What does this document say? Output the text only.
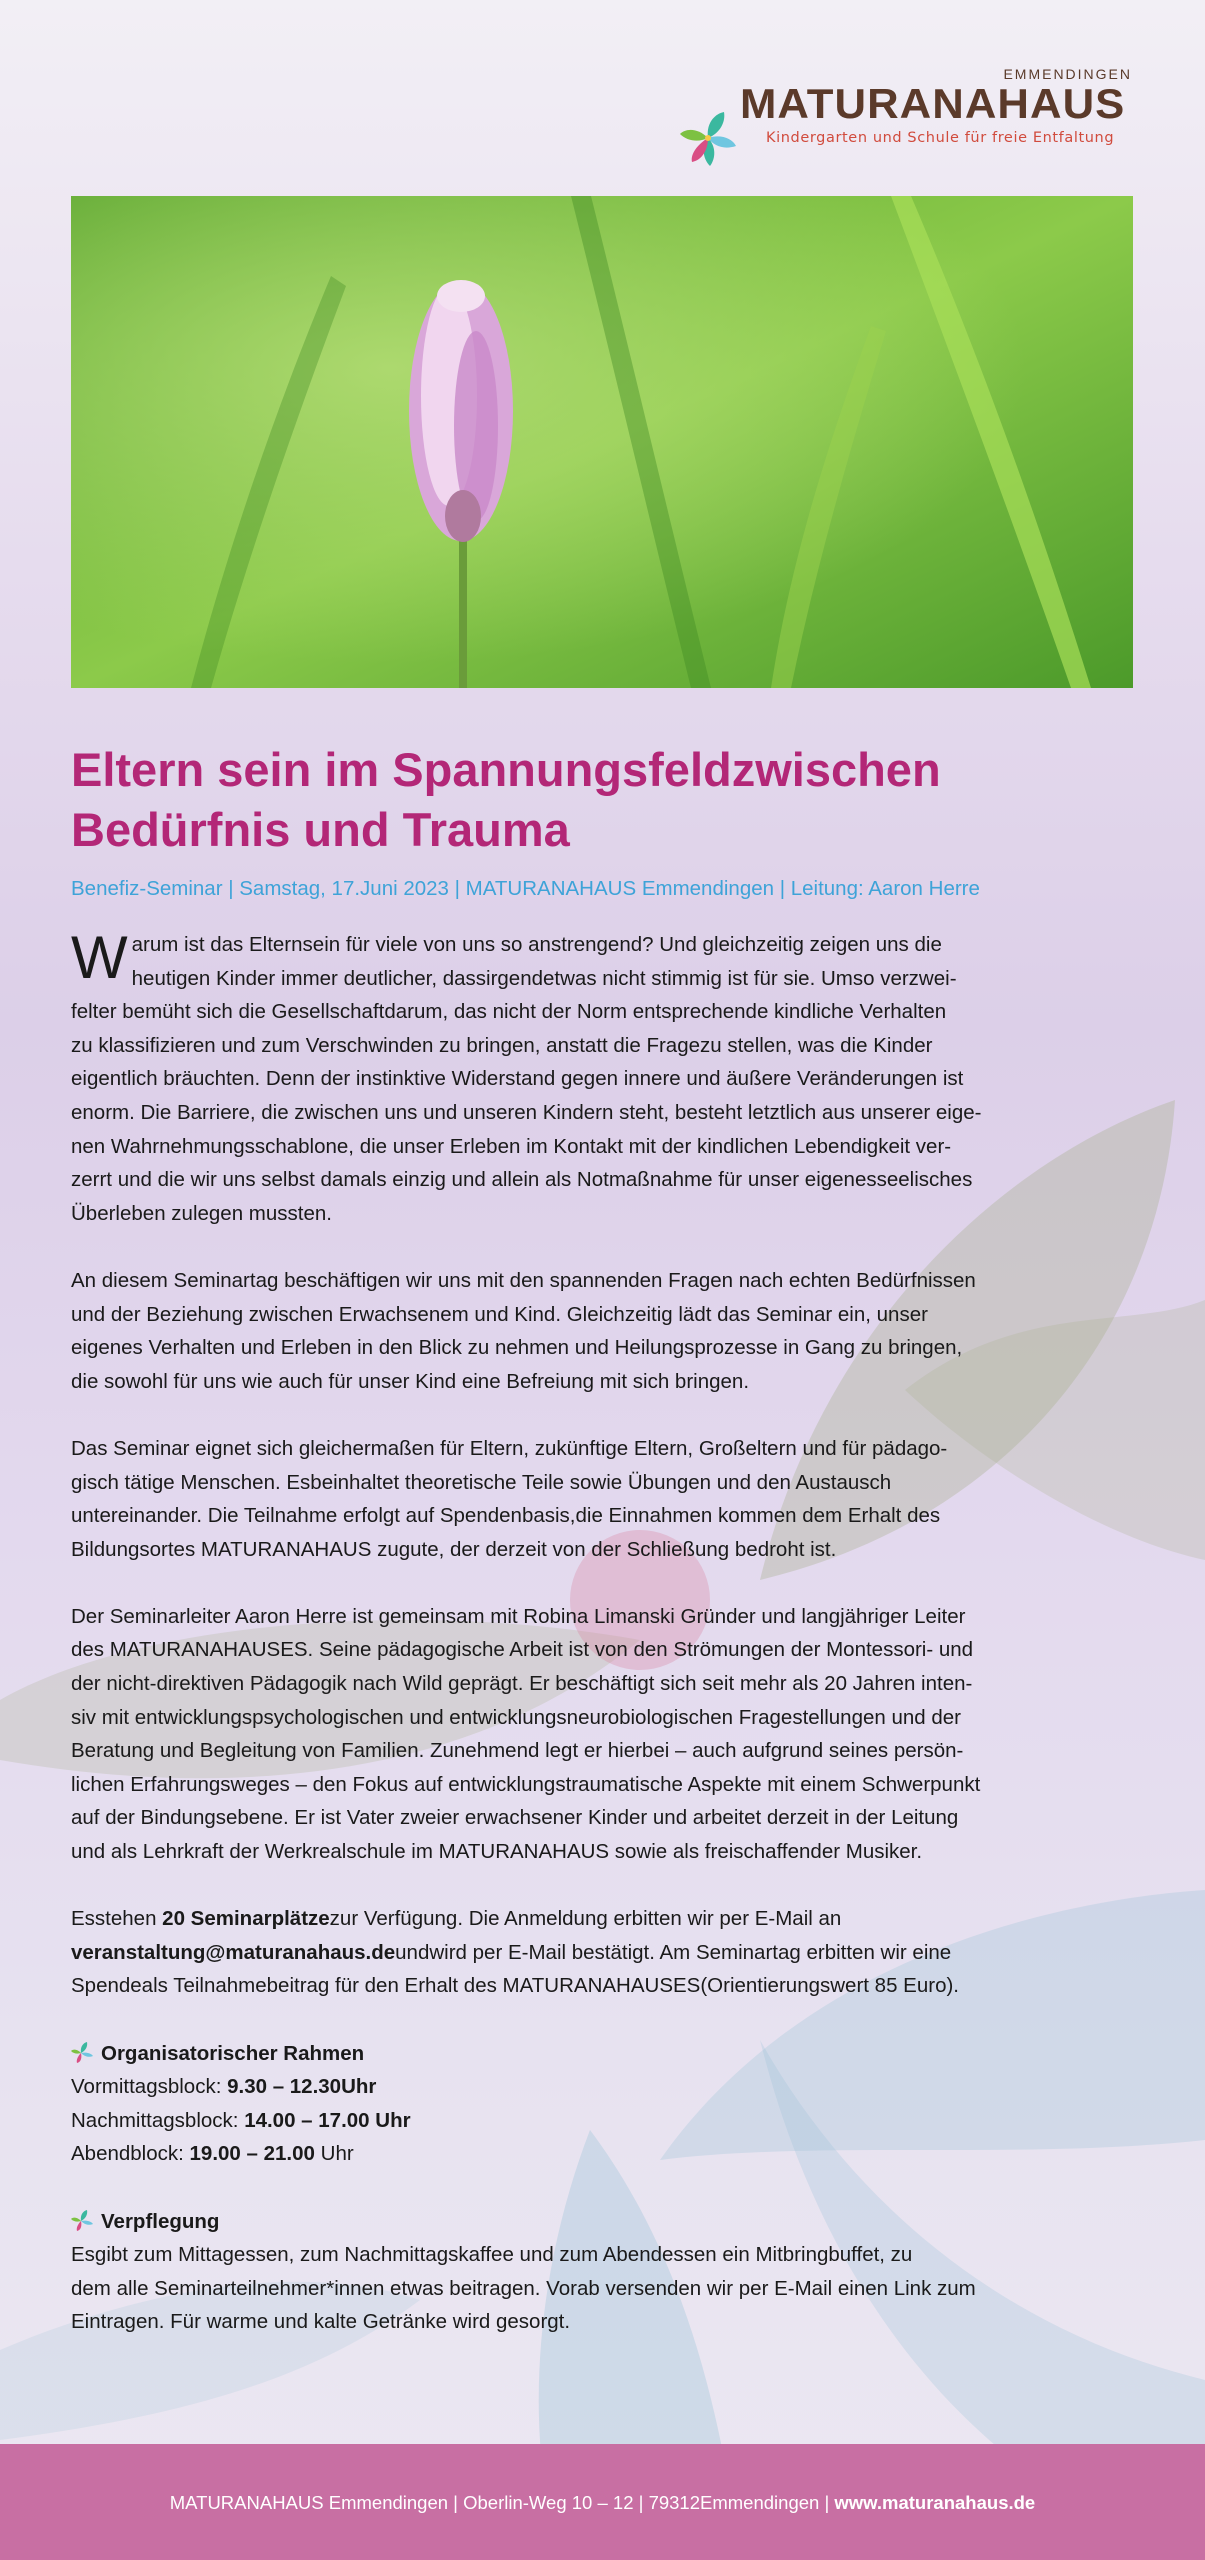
EMMENDINGEN
MATURANAHAUS
Kindergarten und Schule für freie Entfaltung
Eltern sein im Spannungsfeldzwischen
Bedürfnis und Trauma
Benefiz-Seminar | Samstag, 17.Juni 2023 | MATURANAHAUS Emmendingen | Leitung: Aaron Herre

W arum ist das Elternsein für viele von uns so anstrengend? Und gleichzeitig zeigen uns die
heutigen Kinder immer deutlicher, dassirgendetwas nicht stimmig ist für sie. Umso verzwei-
felter bemüht sich die Gesellschaftdarum, das nicht der Norm entsprechende kindliche Verhalten
zu klassifizieren und zum Verschwinden zu bringen, anstatt die Fragezu stellen, was die Kinder
eigentlich bräuchten. Denn der instinktive Widerstand gegen innere und äußere Veränderungen ist
enorm. Die Barriere, die zwischen uns und unseren Kindern steht, besteht letztlich aus unserer eige-
nen Wahrnehmungsschablone, die unser Erleben im Kontakt mit der kindlichen Lebendigkeit ver-
zerrt und die wir uns selbst damals einzig und allein als Notmaßnahme für unser eigenesseelisches
Überleben zulegen mussten.

An diesem Seminartag beschäftigen wir uns mit den spannenden Fragen nach echten Bedürfnissen
und der Beziehung zwischen Erwachsenem und Kind. Gleichzeitig lädt das Seminar ein, unser
eigenes Verhalten und Erleben in den Blick zu nehmen und Heilungsprozesse in Gang zu bringen,
die sowohl für uns wie auch für unser Kind eine Befreiung mit sich bringen.

Das Seminar eignet sich gleichermaßen für Eltern, zukünftige Eltern, Großeltern und für pädago-
gisch tätige Menschen. Esbeinhaltet theoretische Teile sowie Übungen und den Austausch
untereinander. Die Teilnahme erfolgt auf Spendenbasis,die Einnahmen kommen dem Erhalt des
Bildungsortes MATURANAHAUS zugute, der derzeit von der Schließung bedroht ist.

Der Seminarleiter Aaron Herre ist gemeinsam mit Robina Limanski Gründer und langjähriger Leiter
des MATURANAHAUSES. Seine pädagogische Arbeit ist von den Strömungen der Montessori- und
der nicht-direktiven Pädagogik nach Wild geprägt. Er beschäftigt sich seit mehr als 20 Jahren inten-
siv mit entwicklungspsychologischen und entwicklungsneurobiologischen Fragestellungen und der
Beratung und Begleitung von Familien. Zunehmend legt er hierbei – auch aufgrund seines persön-
lichen Erfahrungsweges – den Fokus auf entwicklungstraumatische Aspekte mit einem Schwerpunkt
auf der Bindungsebene. Er ist Vater zweier erwachsener Kinder und arbeitet derzeit in der Leitung
und als Lehrkraft der Werkrealschule im MATURANAHAUS sowie als freischaffender Musiker.

Esstehen 20 Seminarplätzezur Verfügung. Die Anmeldung erbitten wir per E-Mail an
veranstaltung@maturanahaus.deundwird per E-Mail bestätigt. Am Seminartag erbitten wir eine
Spendeals Teilnahmebeitrag für den Erhalt des MATURANAHAUSES(Orientierungswert 85 Euro).

Organisatorischer Rahmen
Vormittagsblock: 9.30 – 12.30Uhr
Nachmittagsblock: 14.00 – 17.00 Uhr
Abendblock: 19.00 – 21.00 Uhr

Verpflegung
Esgibt zum Mittagessen, zum Nachmittagskaffee und zum Abendessen ein Mitbringbuffet, zu
dem alle Seminarteilnehmer*innen etwas beitragen. Vorab versenden wir per E-Mail einen Link zum
Eintragen. Für warme und kalte Getränke wird gesorgt.

MATURANAHAUS Emmendingen | Oberlin-Weg 10 – 12 | 79312Emmendingen | www.maturanahaus.de
